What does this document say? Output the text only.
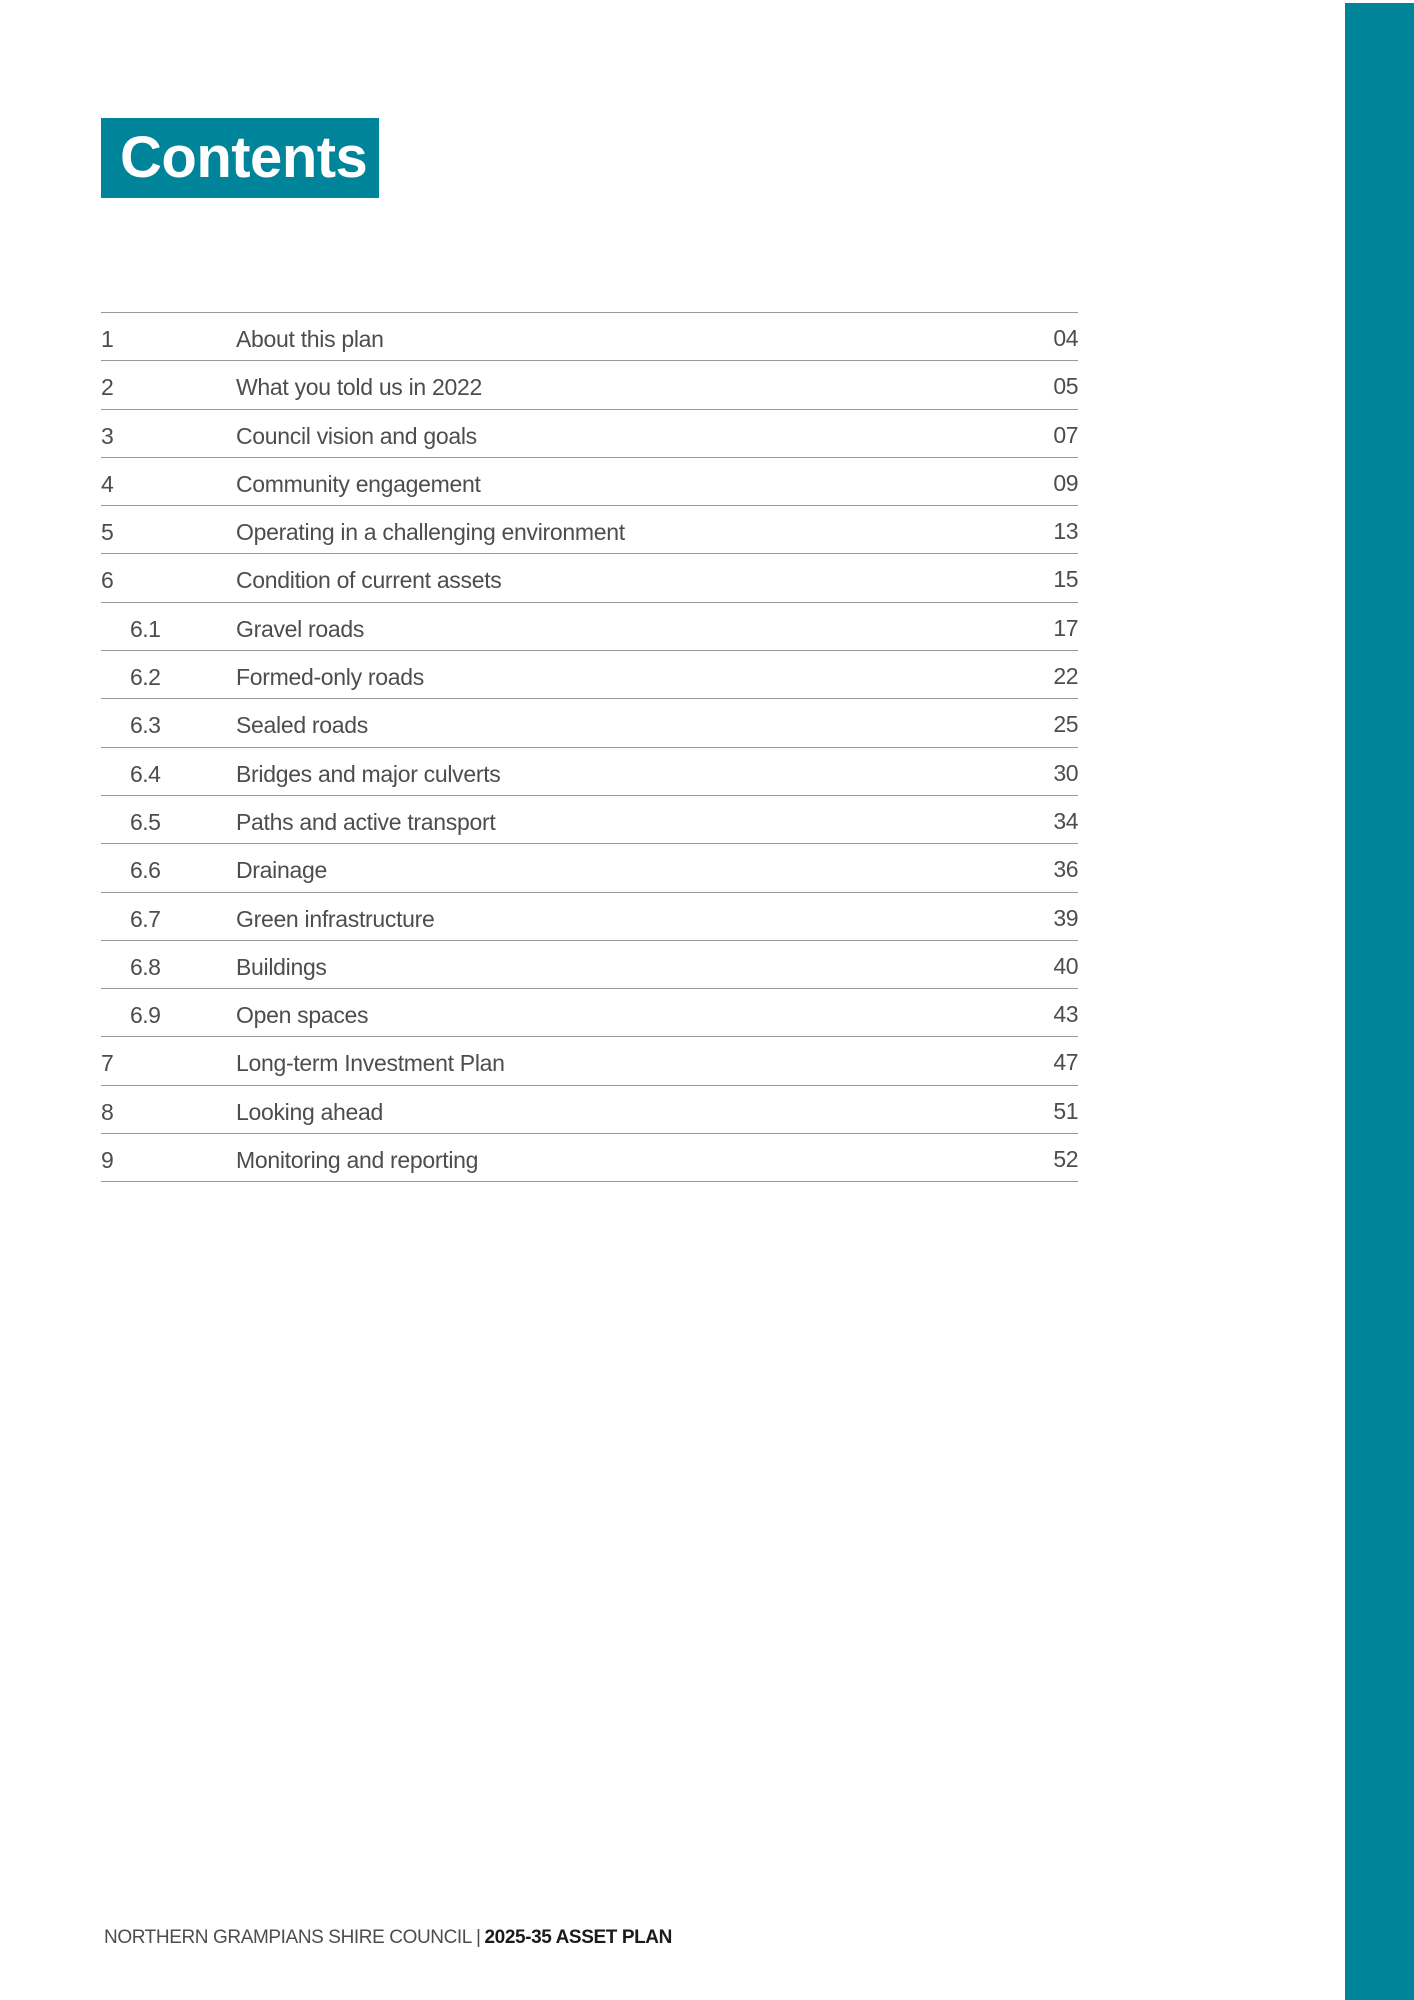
Contents
1	About this plan	04
2	What you told us in 2022	05
3	Council vision and goals	07
4	Community engagement	09
5	Operating in a challenging environment	13
6	Condition of current assets	15
6.1	Gravel roads	17
6.2	Formed-only roads	22
6.3	Sealed roads	25
6.4	Bridges and major culverts	30
6.5	Paths and active transport	34
6.6	Drainage	36
6.7	Green infrastructure	39
6.8	Buildings	40
6.9	Open spaces	43
7	Long-term Investment Plan	47
8	Looking ahead	51
9	Monitoring and reporting	52
NORTHERN GRAMPIANS SHIRE COUNCIL | 2025-35 ASSET PLAN
